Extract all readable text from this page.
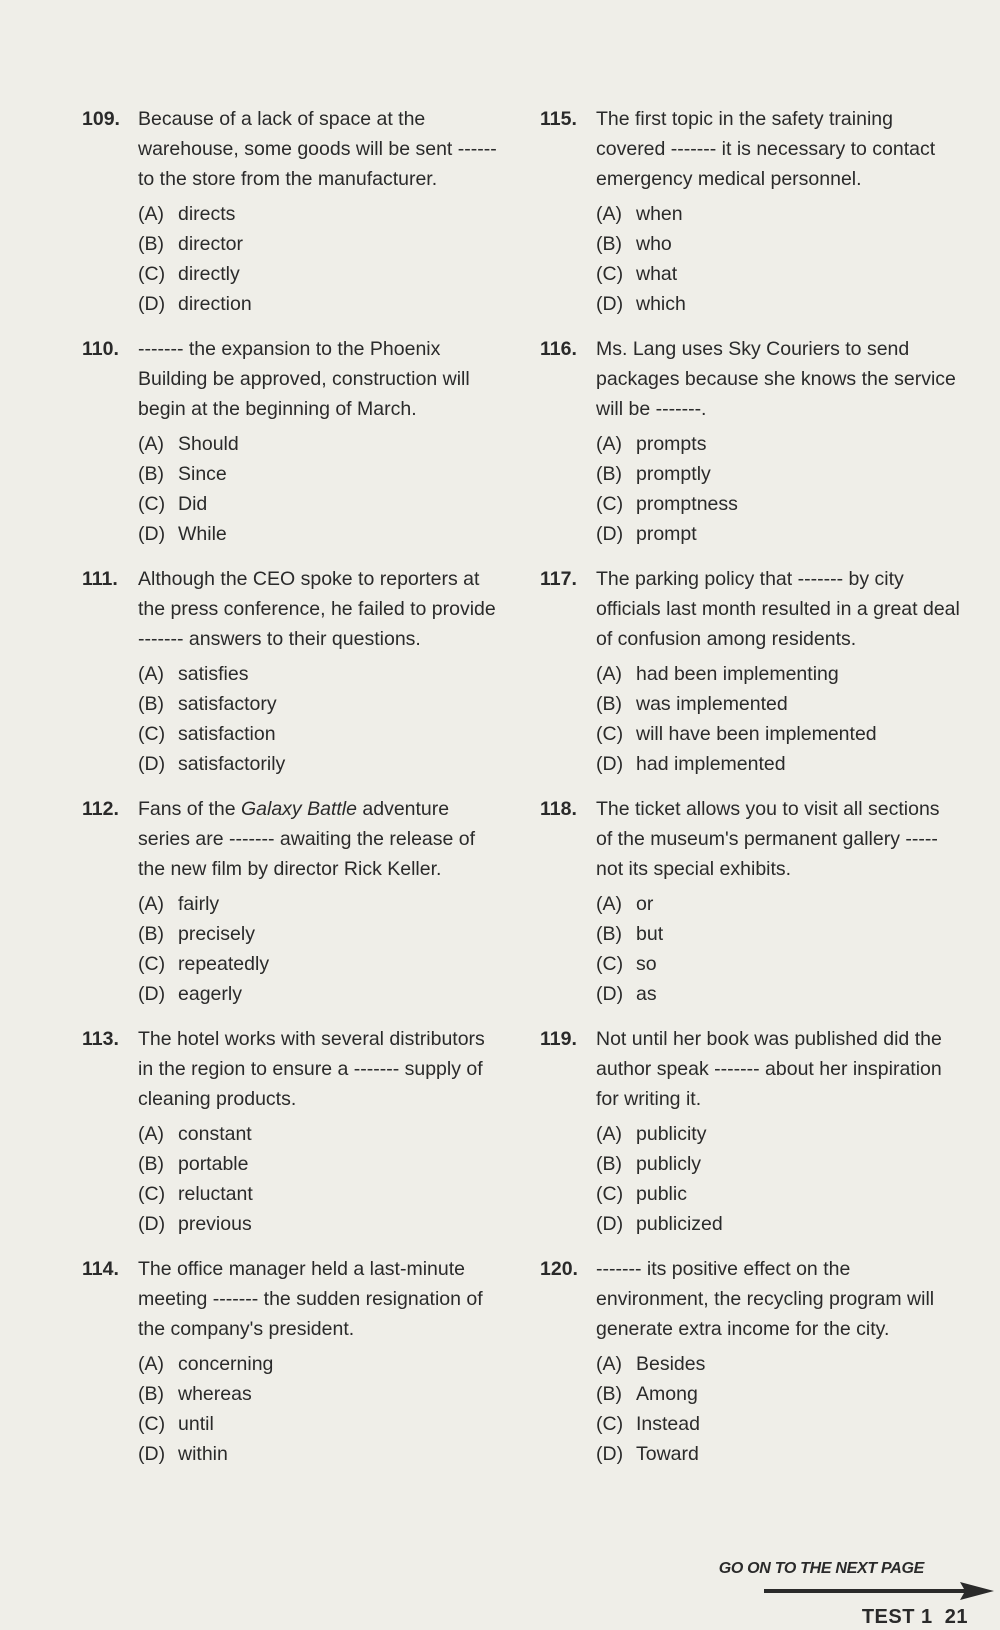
109. Because of a lack of space at the warehouse, some goods will be sent ------ to the store from the manufacturer.
(A) directs
(B) director
(C) directly
(D) direction
110. ------- the expansion to the Phoenix Building be approved, construction will begin at the beginning of March.
(A) Should
(B) Since
(C) Did
(D) While
111. Although the CEO spoke to reporters at the press conference, he failed to provide ------- answers to their questions.
(A) satisfies
(B) satisfactory
(C) satisfaction
(D) satisfactorily
112. Fans of the Galaxy Battle adventure series are ------- awaiting the release of the new film by director Rick Keller.
(A) fairly
(B) precisely
(C) repeatedly
(D) eagerly
113. The hotel works with several distributors in the region to ensure a ------- supply of cleaning products.
(A) constant
(B) portable
(C) reluctant
(D) previous
114. The office manager held a last-minute meeting ------- the sudden resignation of the company's president.
(A) concerning
(B) whereas
(C) until
(D) within
115. The first topic in the safety training covered ------- it is necessary to contact emergency medical personnel.
(A) when
(B) who
(C) what
(D) which
116. Ms. Lang uses Sky Couriers to send packages because she knows the service will be -------.
(A) prompts
(B) promptly
(C) promptness
(D) prompt
117. The parking policy that ------- by city officials last month resulted in a great deal of confusion among residents.
(A) had been implementing
(B) was implemented
(C) will have been implemented
(D) had implemented
118. The ticket allows you to visit all sections of the museum's permanent gallery ----- not its special exhibits.
(A) or
(B) but
(C) so
(D) as
119. Not until her book was published did the author speak ------- about her inspiration for writing it.
(A) publicity
(B) publicly
(C) public
(D) publicized
120. ------- its positive effect on the environment, the recycling program will generate extra income for the city.
(A) Besides
(B) Among
(C) Instead
(D) Toward
GO ON TO THE NEXT PAGE
TEST 1 21
